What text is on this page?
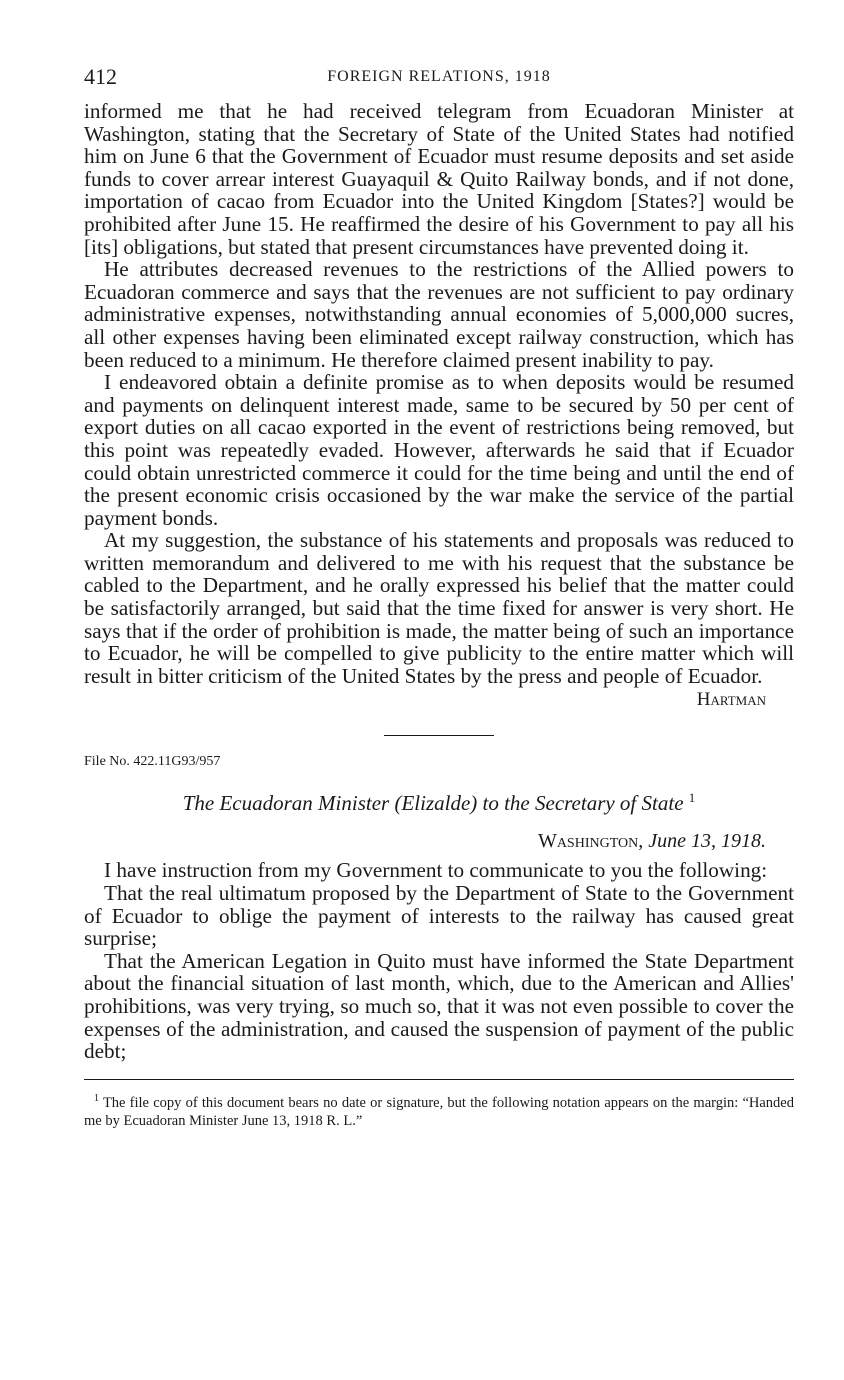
412	FOREIGN RELATIONS, 1918

informed me that he had received telegram from Ecuadoran Minister at Washington, stating that the Secretary of State of the United States had notified him on June 6 that the Government of Ecuador must resume deposits and set aside funds to cover arrear interest Guayaquil & Quito Railway bonds, and if not done, importation of cacao from Ecuador into the United Kingdom [States?] would be prohibited after June 15. He reaffirmed the desire of his Government to pay all his [its] obligations, but stated that present circumstances have prevented doing it.

He attributes decreased revenues to the restrictions of the Allied powers to Ecuadoran commerce and says that the revenues are not sufficient to pay ordinary administrative expenses, notwithstanding annual economies of 5,000,000 sucres, all other expenses having been eliminated except railway construction, which has been reduced to a minimum. He therefore claimed present inability to pay.

I endeavored obtain a definite promise as to when deposits would be resumed and payments on delinquent interest made, same to be secured by 50 per cent of export duties on all cacao exported in the event of restrictions being removed, but this point was repeatedly evaded. However, afterwards he said that if Ecuador could obtain unrestricted commerce it could for the time being and until the end of the present economic crisis occasioned by the war make the service of the partial payment bonds.

At my suggestion, the substance of his statements and proposals was reduced to written memorandum and delivered to me with his request that the substance be cabled to the Department, and he orally expressed his belief that the matter could be satisfactorily arranged, but said that the time fixed for answer is very short. He says that if the order of prohibition is made, the matter being of such an importance to Ecuador, he will be compelled to give publicity to the entire matter which will result in bitter criticism of the United States by the press and people of Ecuador.

Hartman
File No. 422.11G93/957
The Ecuadoran Minister (Elizalde) to the Secretary of State $^1$
Washington, June 13, 1918.

I have instruction from my Government to communicate to you the following:

That the real ultimatum proposed by the Department of State to the Government of Ecuador to oblige the payment of interests to the railway has caused great surprise;

That the American Legation in Quito must have informed the State Department about the financial situation of last month, which, due to the American and Allies' prohibitions, was very trying, so much so, that it was not even possible to cover the expenses of the administration, and caused the suspension of payment of the public debt;

$^1$ The file copy of this document bears no date or signature, but the following notation appears on the margin: “Handed me by Ecuadoran Minister June 13, 1918 R. L.”
